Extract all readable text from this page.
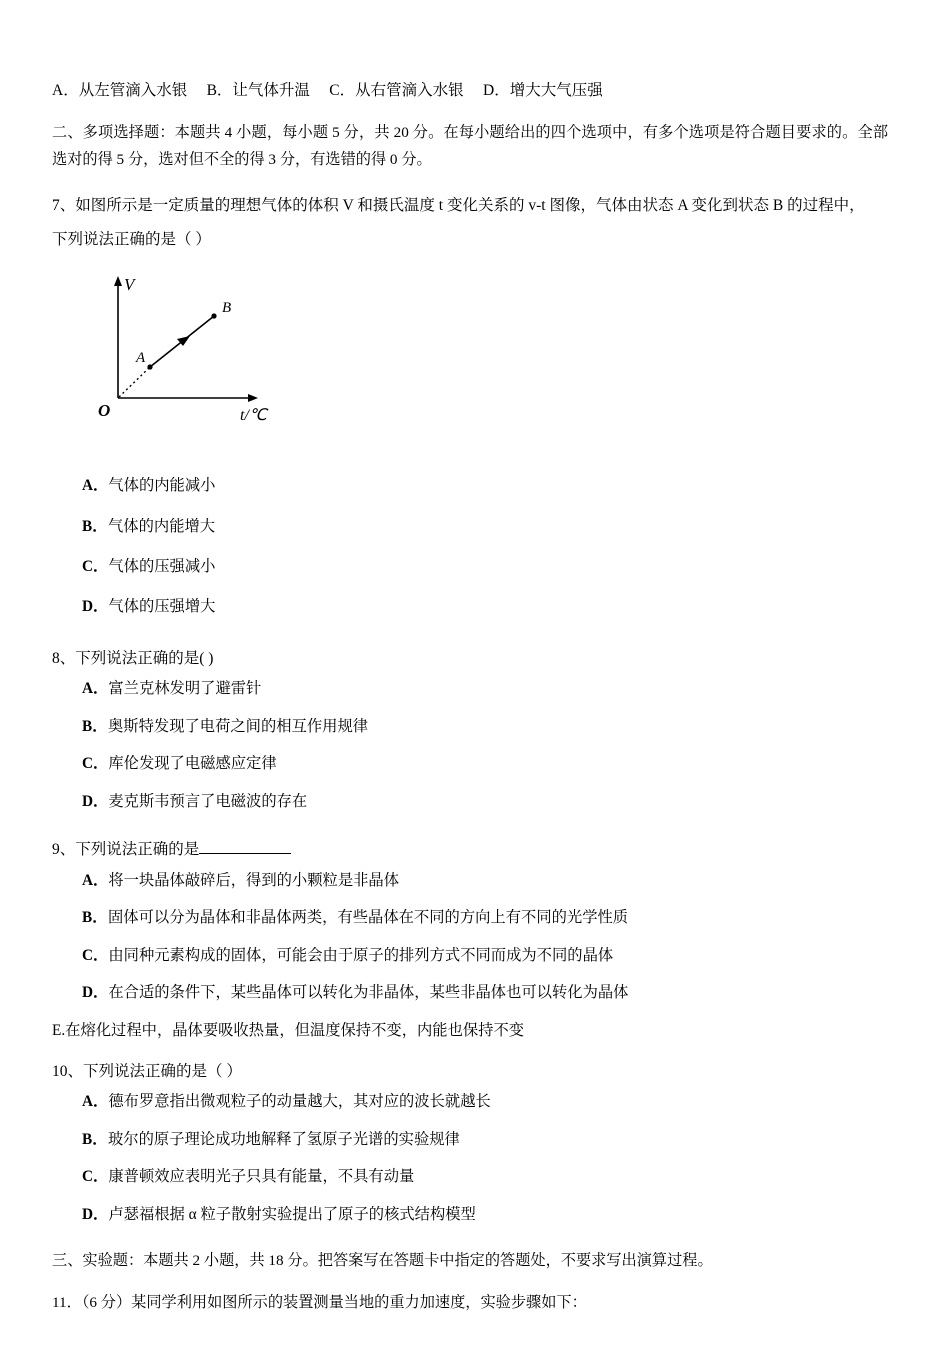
A．从左管滴入水银　 B．让气体升温 　C．从右管滴入水银 　D．增大大气压强
二、多项选择题：本题共 4 小题，每小题 5 分，共 20 分。在每小题给出的四个选项中，有多个选项是符合题目要求的。全部选对的得 5 分，选对但不全的得 3 分，有选错的得 0 分。
7、如图所示是一定质量的理想气体的体积 V 和摄氏温度 t 变化关系的 v-t 图像，气体由状态 A 变化到状态 B 的过程中，
下列说法正确的是（ ）
V
t/℃
O
A
B
A．气体的内能减小
B．气体的内能增大
C．气体的压强减小
D．气体的压强增大
8、下列说法正确的是( )
A．富兰克林发明了避雷针
B．奥斯特发现了电荷之间的相互作用规律
C．库伦发现了电磁感应定律
D．麦克斯韦预言了电磁波的存在
9、下列说法正确的是
A．将一块晶体敲碎后，得到的小颗粒是非晶体
B．固体可以分为晶体和非晶体两类，有些晶体在不同的方向上有不同的光学性质
C．由同种元素构成的固体，可能会由于原子的排列方式不同而成为不同的晶体
D．在合适的条件下，某些晶体可以转化为非晶体，某些非晶体也可以转化为晶体
E.在熔化过程中，晶体要吸收热量，但温度保持不变，内能也保持不变
10、下列说法正确的是（ ）
A．德布罗意指出微观粒子的动量越大，其对应的波长就越长
B．玻尔的原子理论成功地解释了氢原子光谱的实验规律
C．康普顿效应表明光子只具有能量，不具有动量
D．卢瑟福根据 α 粒子散射实验提出了原子的核式结构模型
三、实验题：本题共 2 小题，共 18 分。把答案写在答题卡中指定的答题处，不要求写出演算过程。
11．（6 分）某同学利用如图所示的装置测量当地的重力加速度，实验步骤如下：
